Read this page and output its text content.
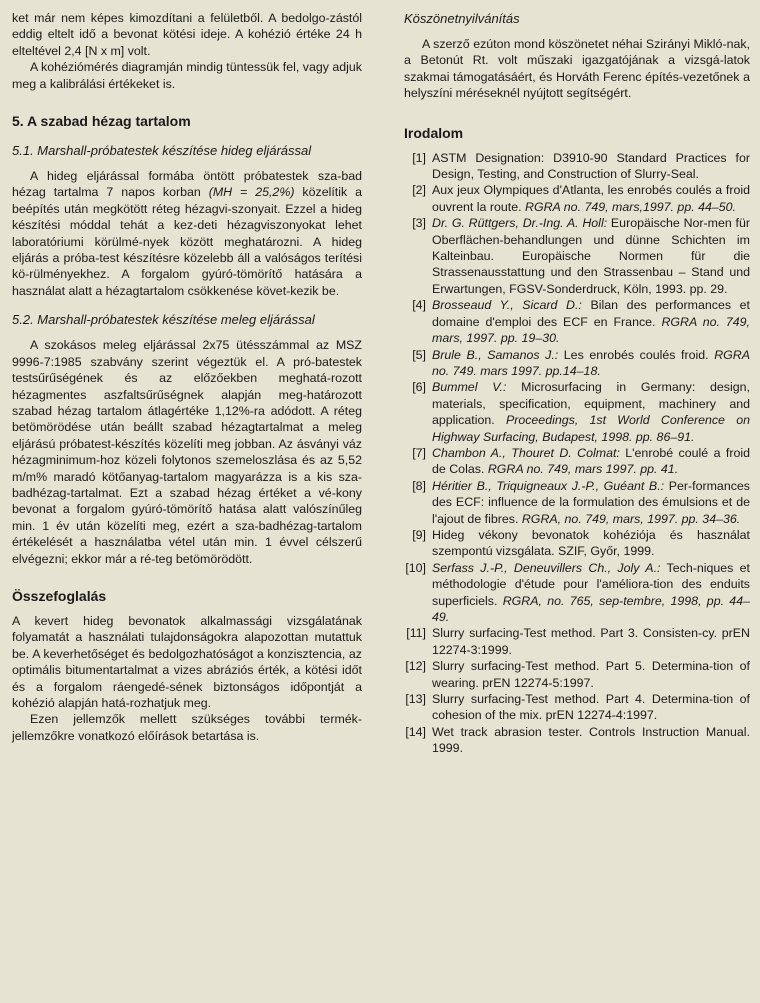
ket már nem képes kimozdítani a felületből. A bedolgo-zástól eddig eltelt idő a bevonat kötési ideje. A kohézió értéke 24 h elteltével 2,4 [N x m] volt.

A kohéziómérés diagramján mindig tüntessük fel, vagy adjuk meg a kalibrálási értékeket is.

5. A szabad hézag tartalom
5.1. Marshall-próbatestek készítése hideg eljárással

A hideg eljárással formába öntött próbatestek sza-bad hézag tartalma 7 napos korban (MH = 25,2%) közelítik a beépítés után megkötött réteg hézagvi-szonyait. Ezzel a hideg készítési móddal tehát a kez-deti hézagviszonyokat lehet laboratóriumi körülmé-nyek között meghatározni. A hideg eljárás a próba-test készítésre közelebb áll a valóságos terítési kö-rülményekhez. A forgalom gyúró-tömörítő hatására a használat alatt a hézagtartalom csökkenése követ-kezik be.

5.2. Marshall-próbatestek készítése meleg eljárással

A szokásos meleg eljárással 2x75 ütésszámmal az MSZ 9996-7:1985 szabvány szerint végeztük el. A pró-batestek testsűrűségének és az előzőekben meghatá-rozott hézagmentes aszfaltsűrűségnek alapján meg-határozott szabad hézag tartalom átlagértéke 1,12%-ra adódott. A réteg betömörödése után beállt szabad hézagtartalmat a meleg eljárású próbatest-készítés közelíti meg jobban. Az ásványi váz hézagminimum-hoz közeli folytonos szemeloszlása és az 5,52 m/m% maradó kötőanyag-tartalom magyarázza is a kis sza-badhézag-tartalmat. Ezt a szabad hézag értéket a vé-kony bevonat a forgalom gyúró-tömörítő hatása alatt valószínűleg min. 1 év után közelíti meg, ezért a sza-badhézag-tartalom értékelését a használatba vétel után min. 1 évvel célszerű elvégezni; ekkor már a ré-teg betömörödött.

Összefoglalás

A kevert hideg bevonatok alkalmassági vizsgálatának folyamatát a használati tulajdonságokra alapozottan mutattuk be. A keverhetőséget és bedolgozhatóságot a konzisztencia, az optimális bitumentartalmat a vizes abráziós érték, a kötési időt és a forgalom ráengedé-sének biztonságos időpontját a kohézió alapján hatá-rozhatjuk meg.

Ezen jellemzők mellett szükséges további termék-jellemzőkre vonatkozó előírások betartása is.

Köszönetnyilvánítás

A szerző ezúton mond köszönetet néhai Szirányi Mikló-nak, a Betonút Rt. volt műszaki igazgatójának a vizsgá-latok szakmai támogatásáért, és Horváth Ferenc építés-vezetőnek a helyszíni méréseknél nyújtott segítségért.

Irodalom
[1] ASTM Designation: D3910-90 Standard Practices for Design, Testing, and Construction of Slurry-Seal.
[2] Aux jeux Olympiques d'Atlanta, les enrobés coulés a froid ouvrent la route. RGRA no. 749, mars,1997. pp. 44–50.
[3] Dr. G. Rüttgers, Dr.-Ing. A. Holl: Europäische Nor-men für Oberflächen-behandlungen und dünne Schichten im Kalteinbau. Europäische Normen für die Strassenausstattung und den Strassenbau – Stand und Erwartungen, FGSV-Sonderdruck, Köln, 1993. pp. 29.
[4] Brosseaud Y., Sicard D.: Bilan des performances et domaine d'emploi des ECF en France. RGRA no. 749, mars, 1997. pp. 19–30.
[5] Brule B., Samanos J.: Les enrobés coulés froid. RGRA no. 749. mars 1997. pp.14–18.
[6] Bummel V.: Microsurfacing in Germany: design, materials, specification, equipment, machinery and application. Proceedings, 1st World Conference on Highway Surfacing, Budapest, 1998. pp. 86–91.
[7] Chambon A., Thouret D. Colmat: L'enrobé coulé a froid de Colas. RGRA no. 749, mars 1997. pp. 41.
[8] Héritier B., Triquigneaux J.-P., Guéant B.: Per-formances des ECF: influence de la formulation des émulsions et de l'ajout de fibres. RGRA, no. 749, mars, 1997. pp. 34–36.
[9] Hideg vékony bevonatok kohéziója és használat szempontú vizsgálata. SZIF, Győr, 1999.
[10] Serfass J.-P., Deneuvillers Ch., Joly A.: Tech-niques et méthodologie d'étude pour l'améliora-tion des enduits superficiels. RGRA, no. 765, sep-tembre, 1998, pp. 44–49.
[11] Slurry surfacing-Test method. Part 3. Consisten-cy. prEN 12274-3:1999.
[12] Slurry surfacing-Test method. Part 5. Determina-tion of wearing. prEN 12274-5:1997.
[13] Slurry surfacing-Test method. Part 4. Determina-tion of cohesion of the mix. prEN 12274-4:1997.
[14] Wet track abrasion tester. Controls Instruction Manual. 1999.
